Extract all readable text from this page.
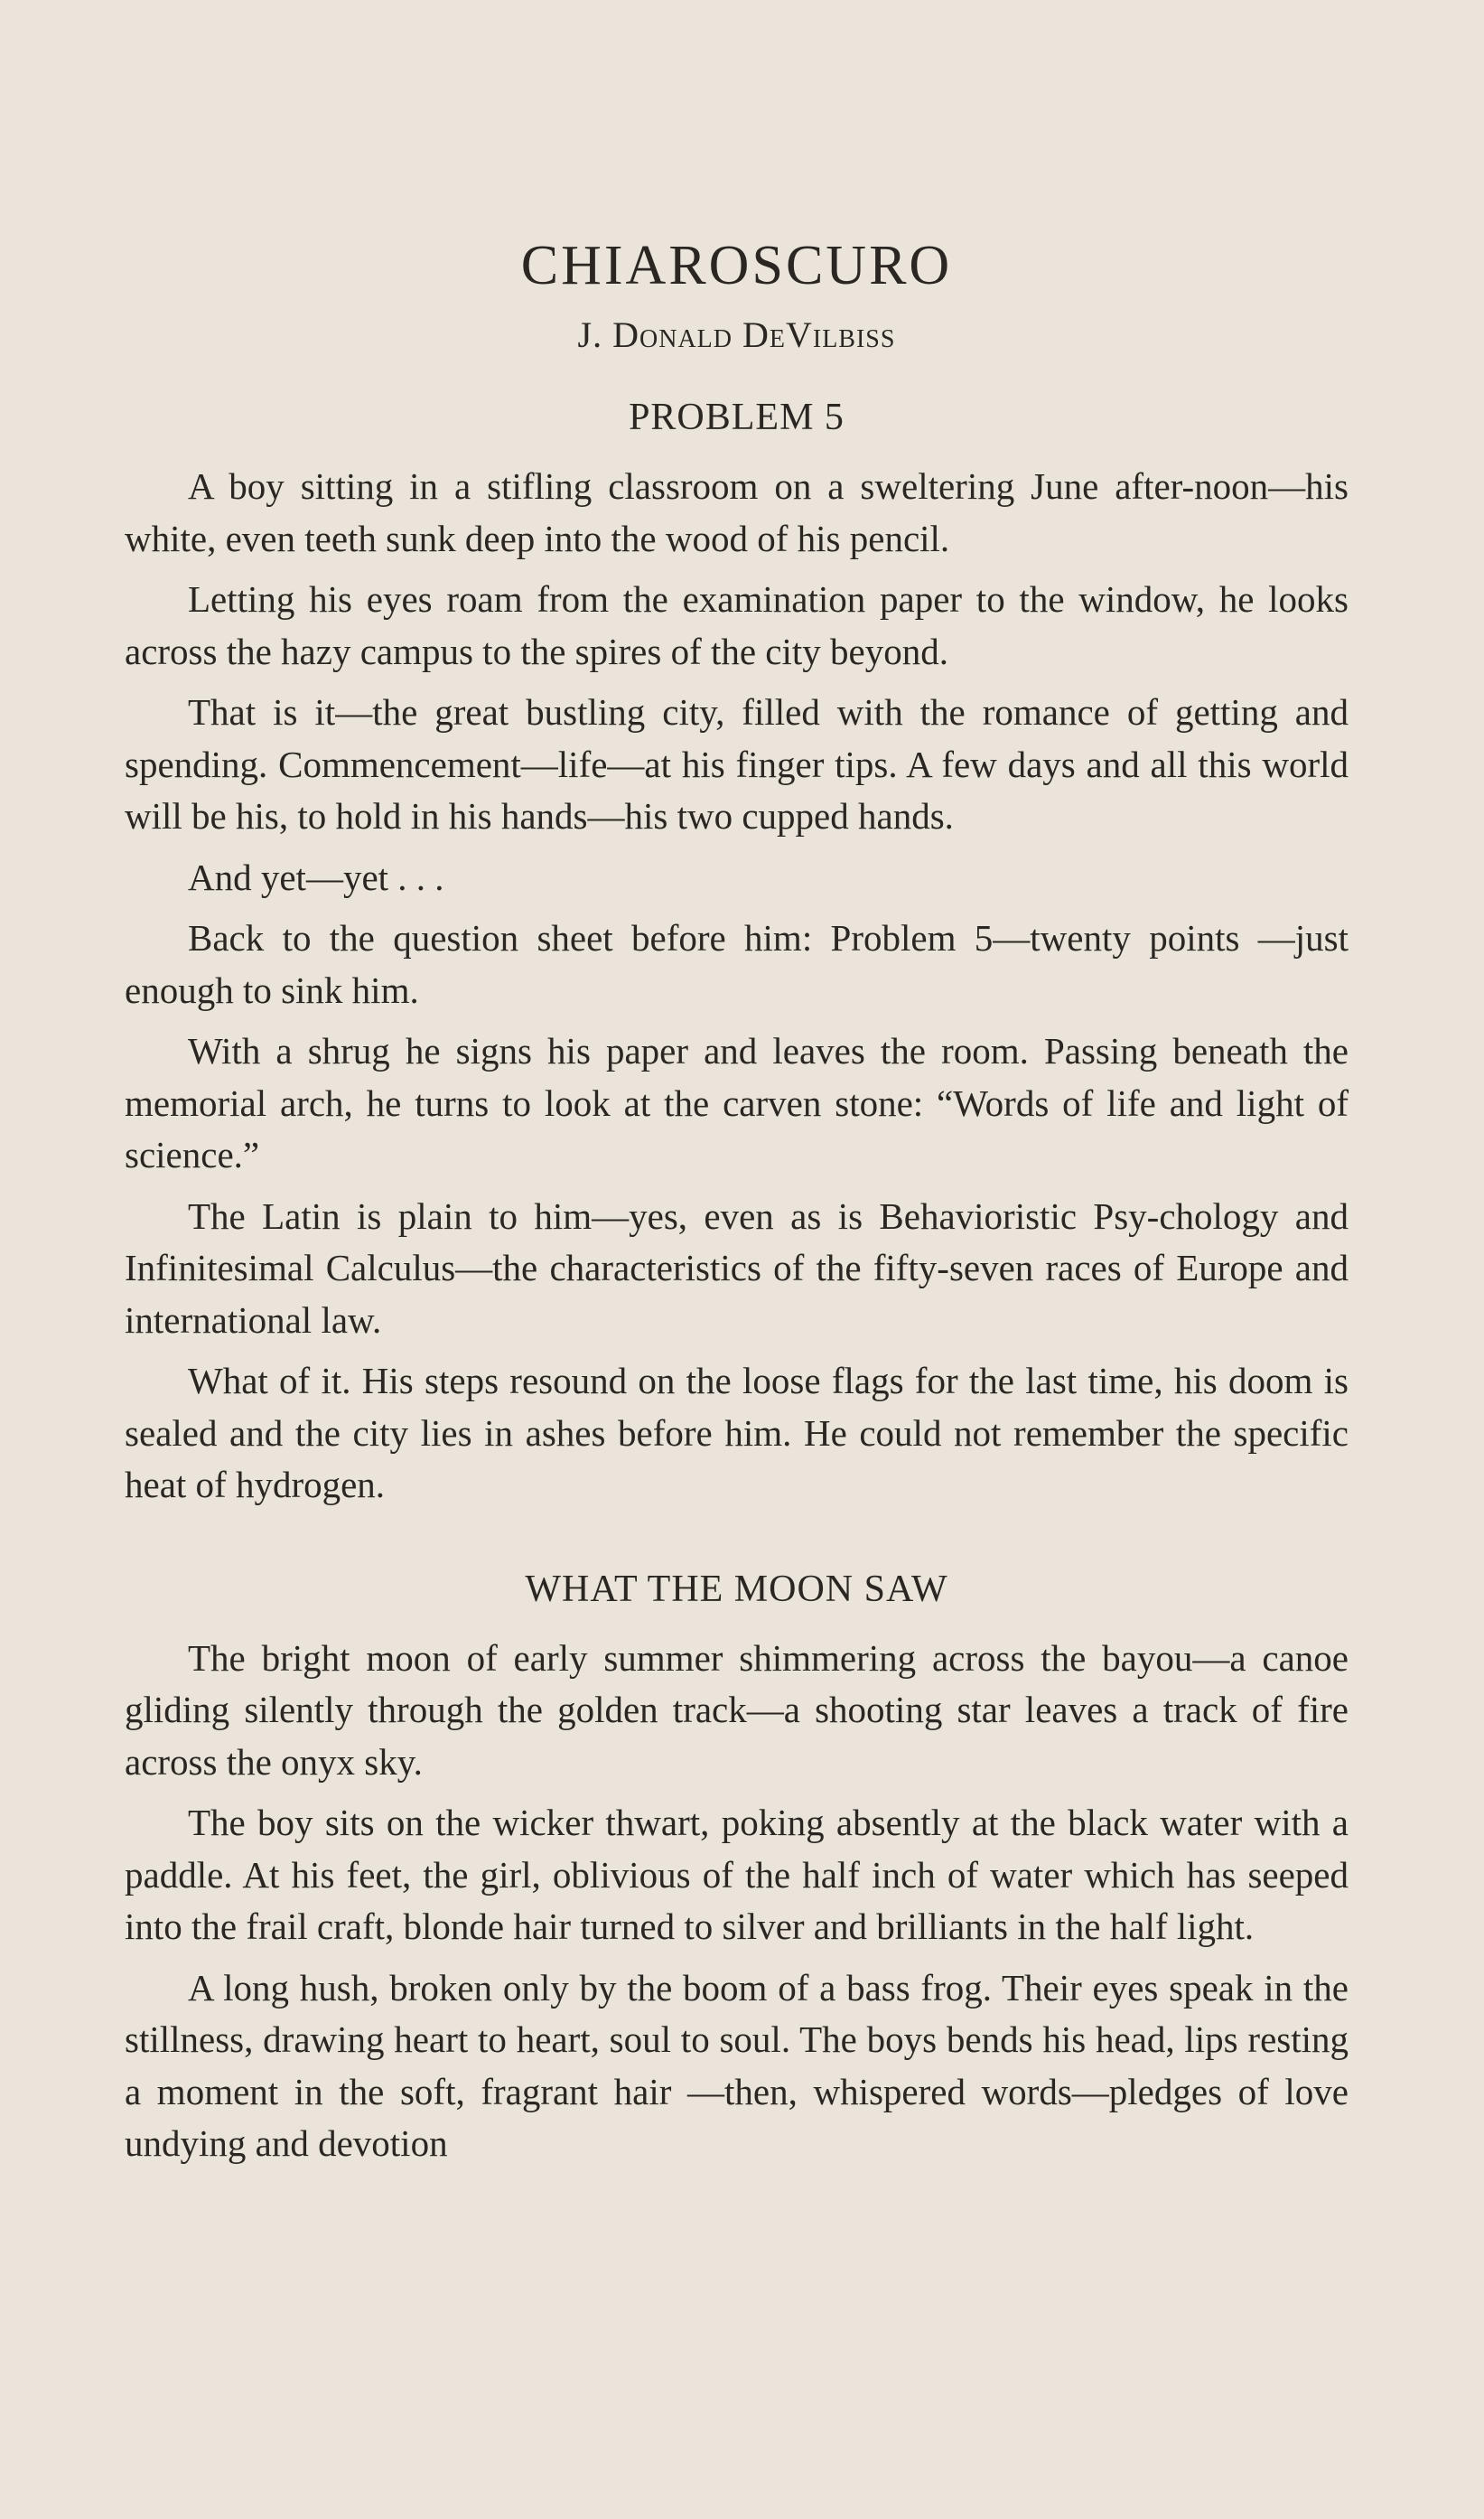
CHIAROSCURO
J. Donald DeVilbiss
PROBLEM 5

A boy sitting in a stifling classroom on a sweltering June after-noon—his white, even teeth sunk deep into the wood of his pencil.

Letting his eyes roam from the examination paper to the window, he looks across the hazy campus to the spires of the city beyond.

That is it—the great bustling city, filled with the romance of getting and spending. Commencement—life—at his finger tips. A few days and all this world will be his, to hold in his hands—his two cupped hands.

And yet—yet . . .

Back to the question sheet before him: Problem 5—twenty points —just enough to sink him.

With a shrug he signs his paper and leaves the room. Passing beneath the memorial arch, he turns to look at the carven stone: “Words of life and light of science.”

The Latin is plain to him—yes, even as is Behavioristic Psy-chology and Infinitesimal Calculus—the characteristics of the fifty-seven races of Europe and international law.

What of it. His steps resound on the loose flags for the last time, his doom is sealed and the city lies in ashes before him. He could not remember the specific heat of hydrogen.

WHAT THE MOON SAW

The bright moon of early summer shimmering across the bayou—a canoe gliding silently through the golden track—a shooting star leaves a track of fire across the onyx sky.

The boy sits on the wicker thwart, poking absently at the black water with a paddle. At his feet, the girl, oblivious of the half inch of water which has seeped into the frail craft, blonde hair turned to silver and brilliants in the half light.

A long hush, broken only by the boom of a bass frog. Their eyes speak in the stillness, drawing heart to heart, soul to soul. The boys bends his head, lips resting a moment in the soft, fragrant hair —then, whispered words—pledges of love undying and devotion
